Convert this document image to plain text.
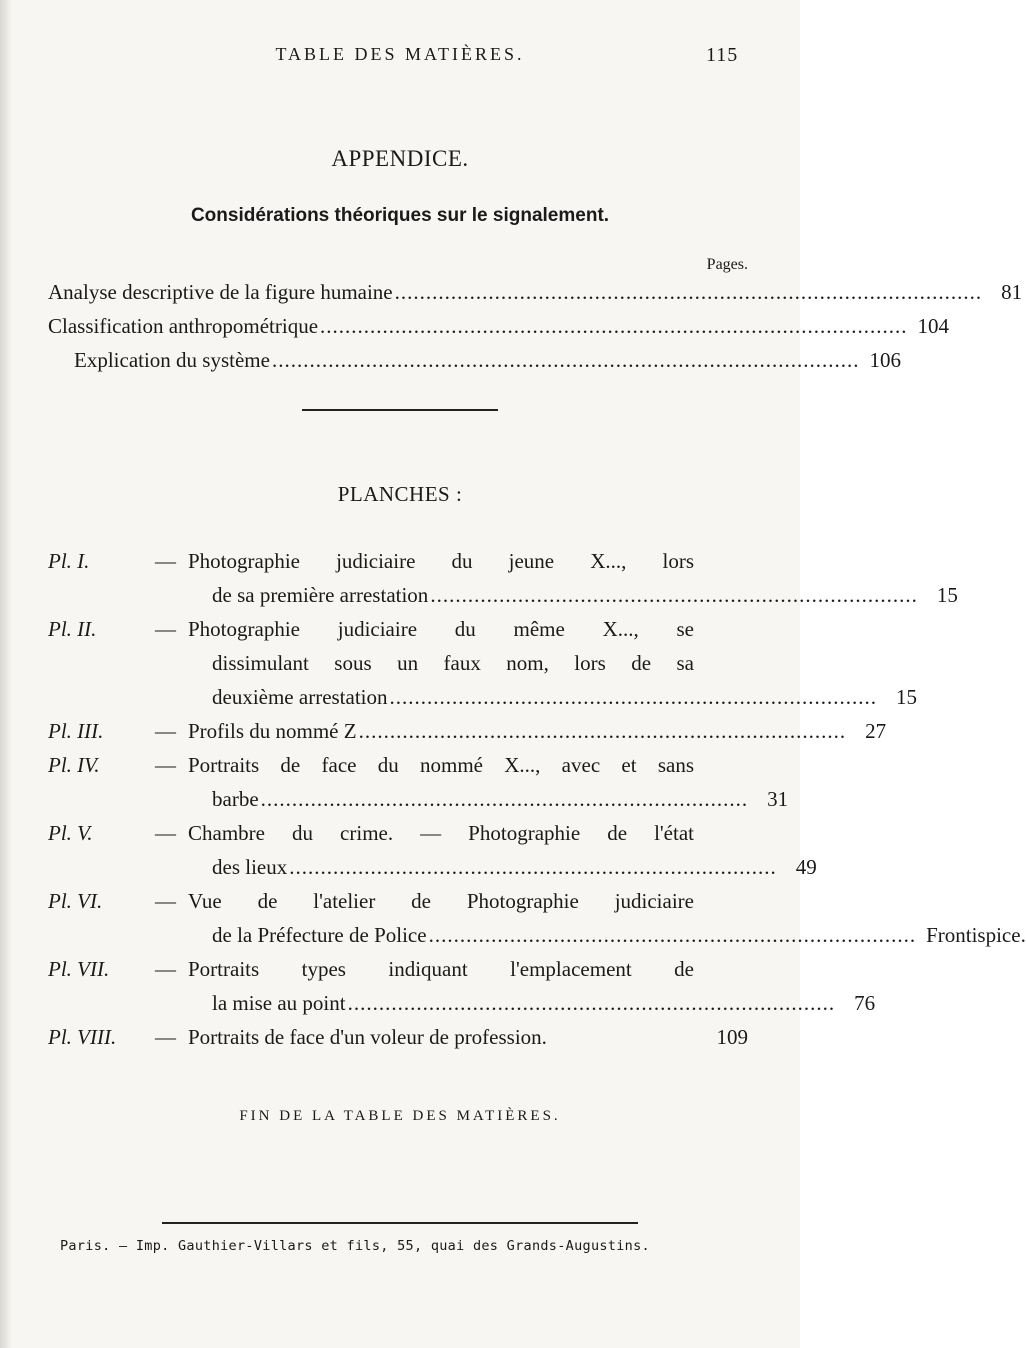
TABLE DES MATIÈRES.	115
APPENDICE.
Considérations théoriques sur le signalement.
Pages.
Analyse descriptive de la figure humaine .............................................................................................. 81
Classification anthropométrique .............................................................................................. 104
Explication du système .............................................................................................. 106
PLANCHES :
Pl. I.	— Photographie judiciaire du jeune X..., lors
de sa première arrestation .............................................................................. 15
Pl. II.	— Photographie judiciaire du même X..., se
dissimulant sous un faux nom, lors de sa
deuxième arrestation .............................................................................. 15
Pl. III. — Profils du nommé Z .............................................................................. 27
Pl. IV.	— Portraits de face du nommé X..., avec et sans
barbe .............................................................................. 31
Pl. V.	— Chambre du crime. — Photographie de l'état
des lieux .............................................................................. 49
Pl. VI.	— Vue de l'atelier de Photographie judiciaire
de la Préfecture de Police .............................................................................. Frontispice.
Pl. VII. — Portraits types indiquant l'emplacement de
la mise au point .............................................................................. 76
Pl. VIII. — Portraits de face d'un voleur de profession.	109
FIN DE LA TABLE DES MATIÈRES.
Paris. — Imp. Gauthier-Villars et fils, 55, quai des Grands-Augustins.
